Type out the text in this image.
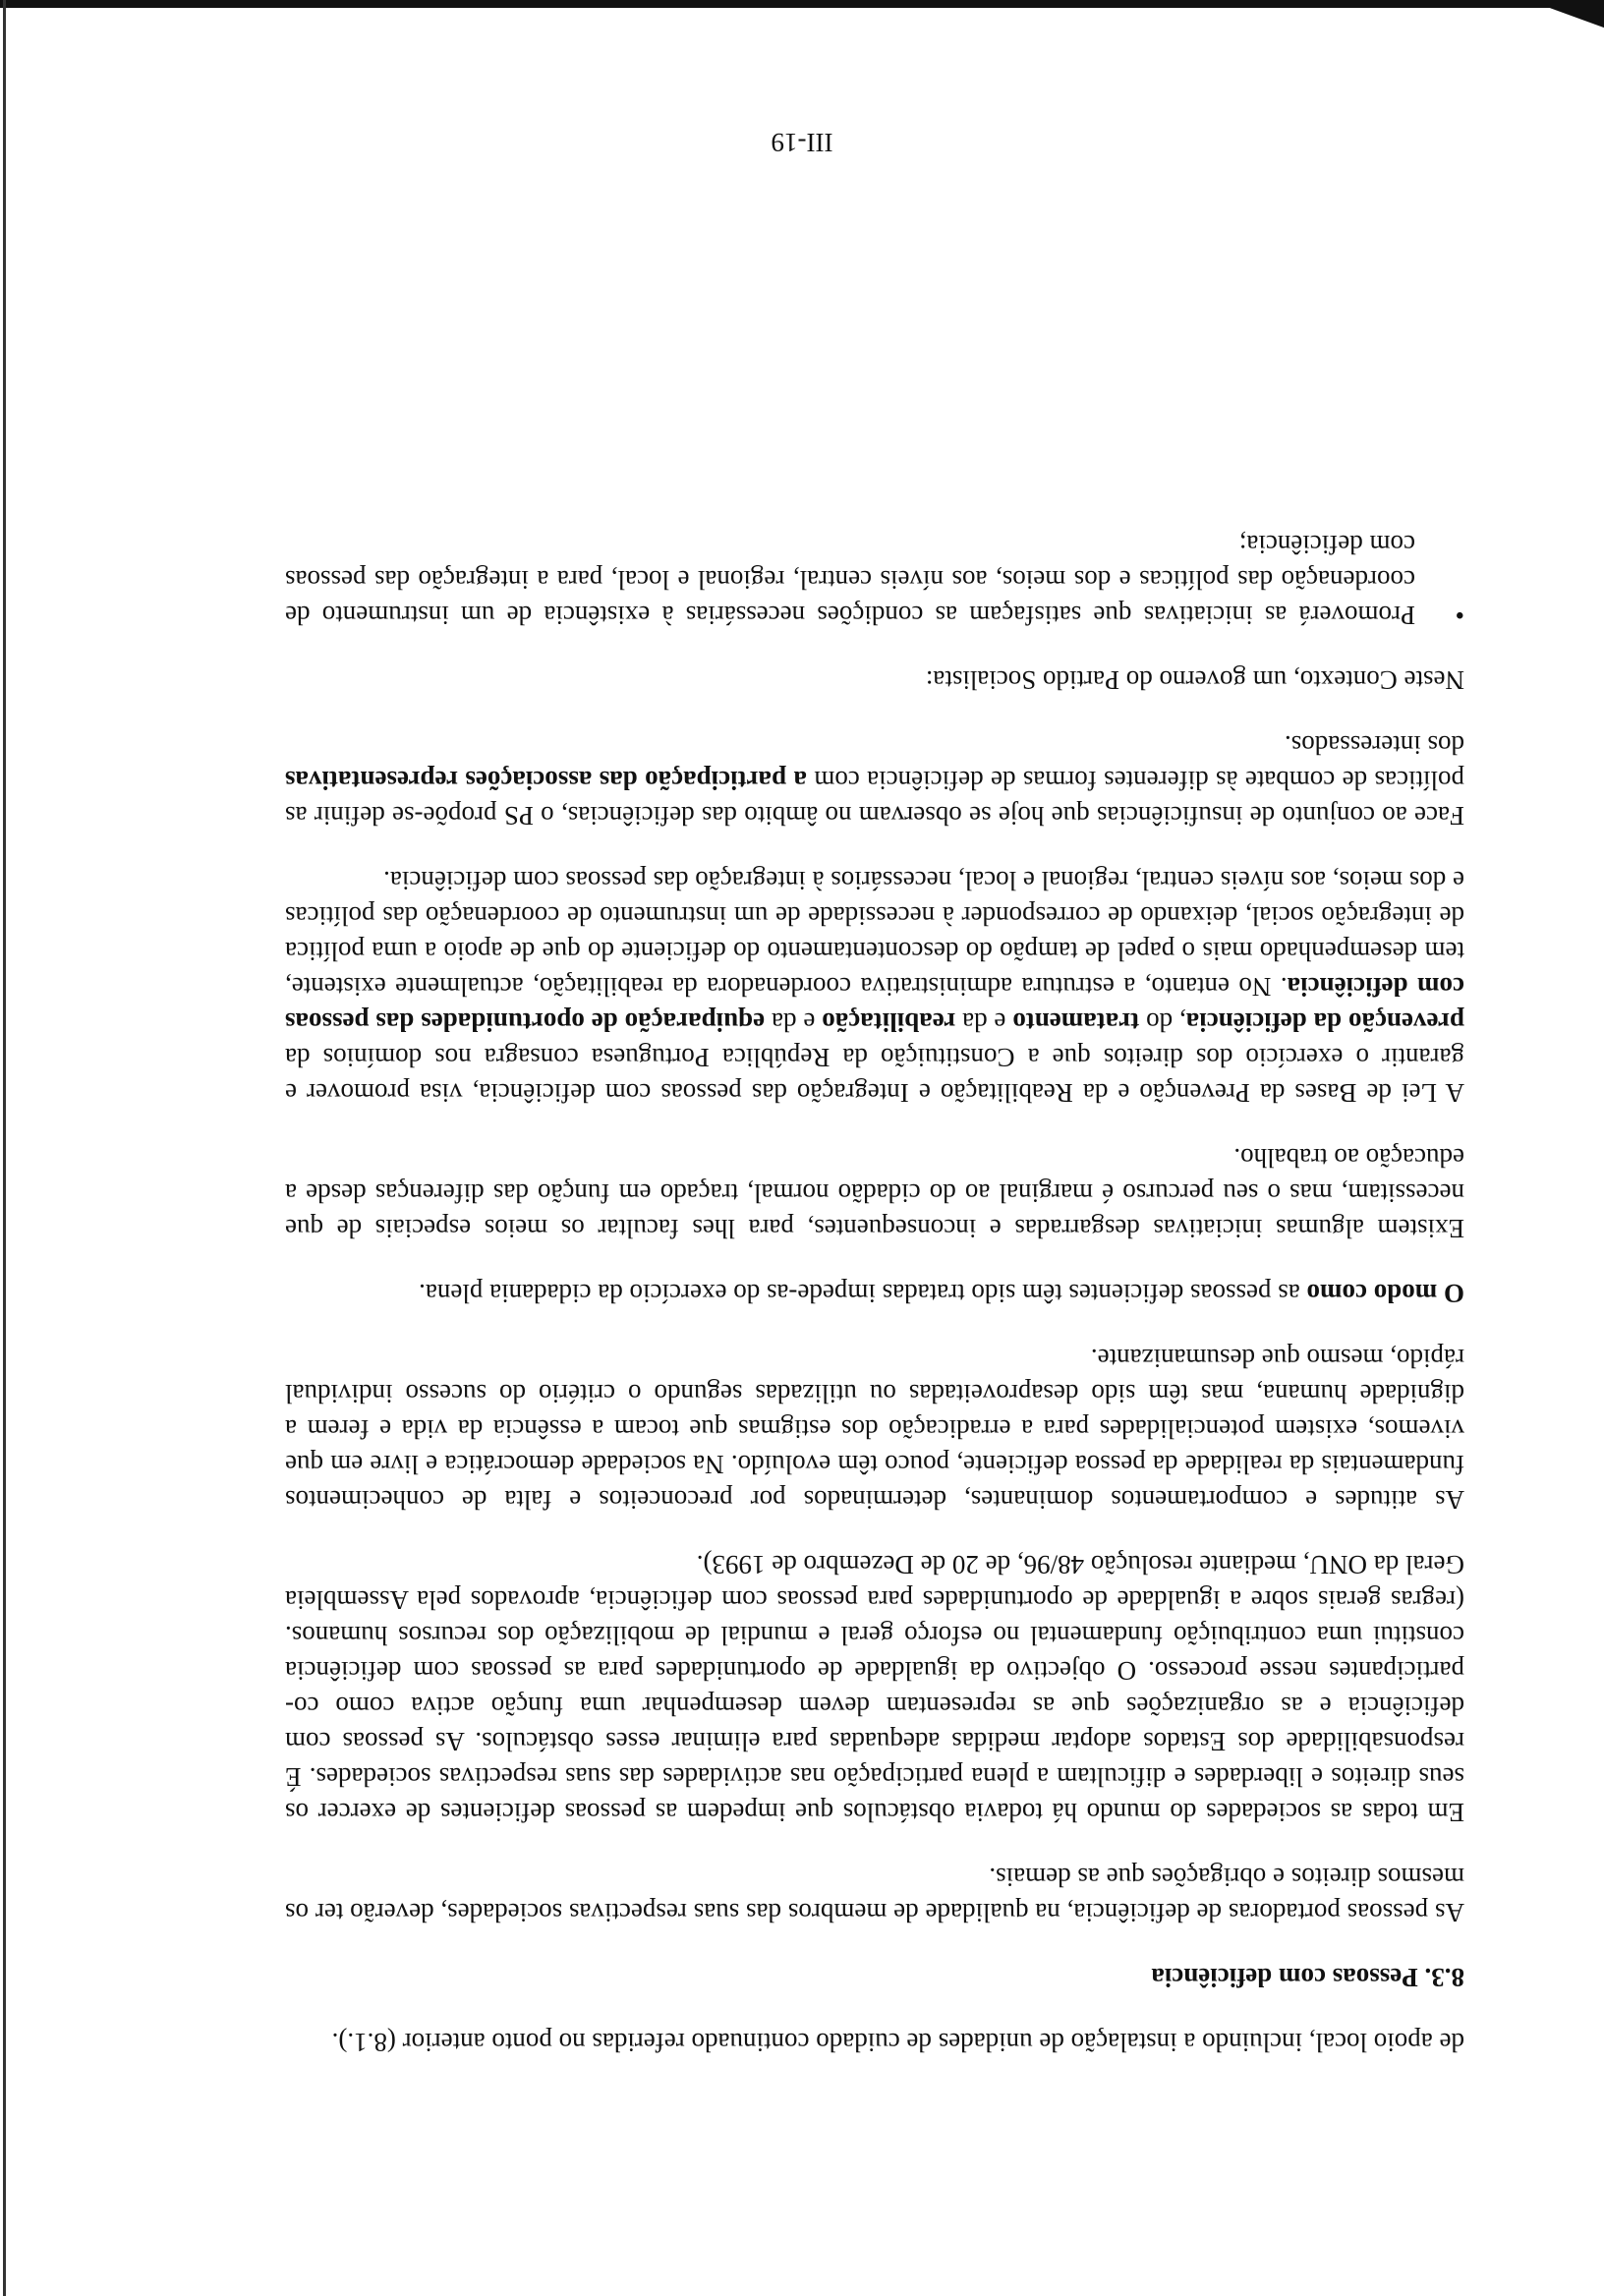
de apoio local, incluindo a instalação de unidades de cuidado continuado referidas no ponto anterior (8.1.).

8.3. Pessoas com deficiência

As pessoas portadoras de deficiência, na qualidade de membros das suas respectivas sociedades, deverão ter os mesmos direitos e obrigações que as demais.

Em todas as sociedades do mundo há todavia obstáculos que impedem as pessoas deficientes de exercer os seus direitos e liberdades e dificultam a plena participação nas actividades das suas respectivas sociedades. É responsabilidade dos Estados adoptar medidas adequadas para eliminar esses obstáculos. As pessoas com deficiência e as organizações que as representam devem desempenhar uma função activa como co-participantes nesse processo. O objectivo da igualdade de oportunidades para as pessoas com deficiência constitui uma contribuição fundamental no esforço geral e mundial de mobilização dos recursos humanos. (regras gerais sobre a igualdade de oportunidades para pessoas com deficiência, aprovados pela Assembleia Geral da ONU, mediante resolução 48/96, de 20 de Dezembro de 1993).

As atitudes e comportamentos dominantes, determinados por preconceitos e falta de conhecimentos fundamentais da realidade da pessoa deficiente, pouco têm evoluído. Na sociedade democrática e livre em que vivemos, existem potencialidades para a erradicação dos estigmas que tocam a essência da vida e ferem a dignidade humana, mas têm sido desaproveitadas ou utilizadas segundo o critério do sucesso individual rápido, mesmo que desumanizante.

O modo como as pessoas deficientes têm sido tratadas impede-as do exercício da cidadania plena.

Existem algumas iniciativas desgarradas e inconsequentes, para lhes facultar os meios especiais de que necessitam, mas o seu percurso é marginal ao do cidadão normal, traçado em função das diferenças desde a educação ao trabalho.

A Lei de Bases da Prevenção e da Reabilitação e Integração das pessoas com deficiência, visa promover e garantir o exercício dos direitos que a Constituição da República Portuguesa consagra nos domínios da prevenção da deficiência, do tratamento e da reabilitação e da equiparação de oportunidades das pessoas com deficiência. No entanto, a estrutura administrativa coordenadora da reabilitação, actualmente existente, tem desempenhado mais o papel de tampão do descontentamento do deficiente do que de apoio a uma política de integração social, deixando de corresponder à necessidade de um instrumento de coordenação das políticas e dos meios, aos níveis central, regional e local, necessários à integração das pessoas com deficiência.

Face ao conjunto de insuficiências que hoje se observam no âmbito das deficiências, o PS propõe-se definir as políticas de combate às diferentes formas de deficiência com a participação das associações representativas dos interessados.

Neste Contexto, um governo do Partido Socialista:

•

Promoverá as iniciativas que satisfaçam as condições necessárias à existência de um instrumento de coordenação das políticas e dos meios, aos níveis central, regional e local, para a integração das pessoas com deficiência;

III-19
